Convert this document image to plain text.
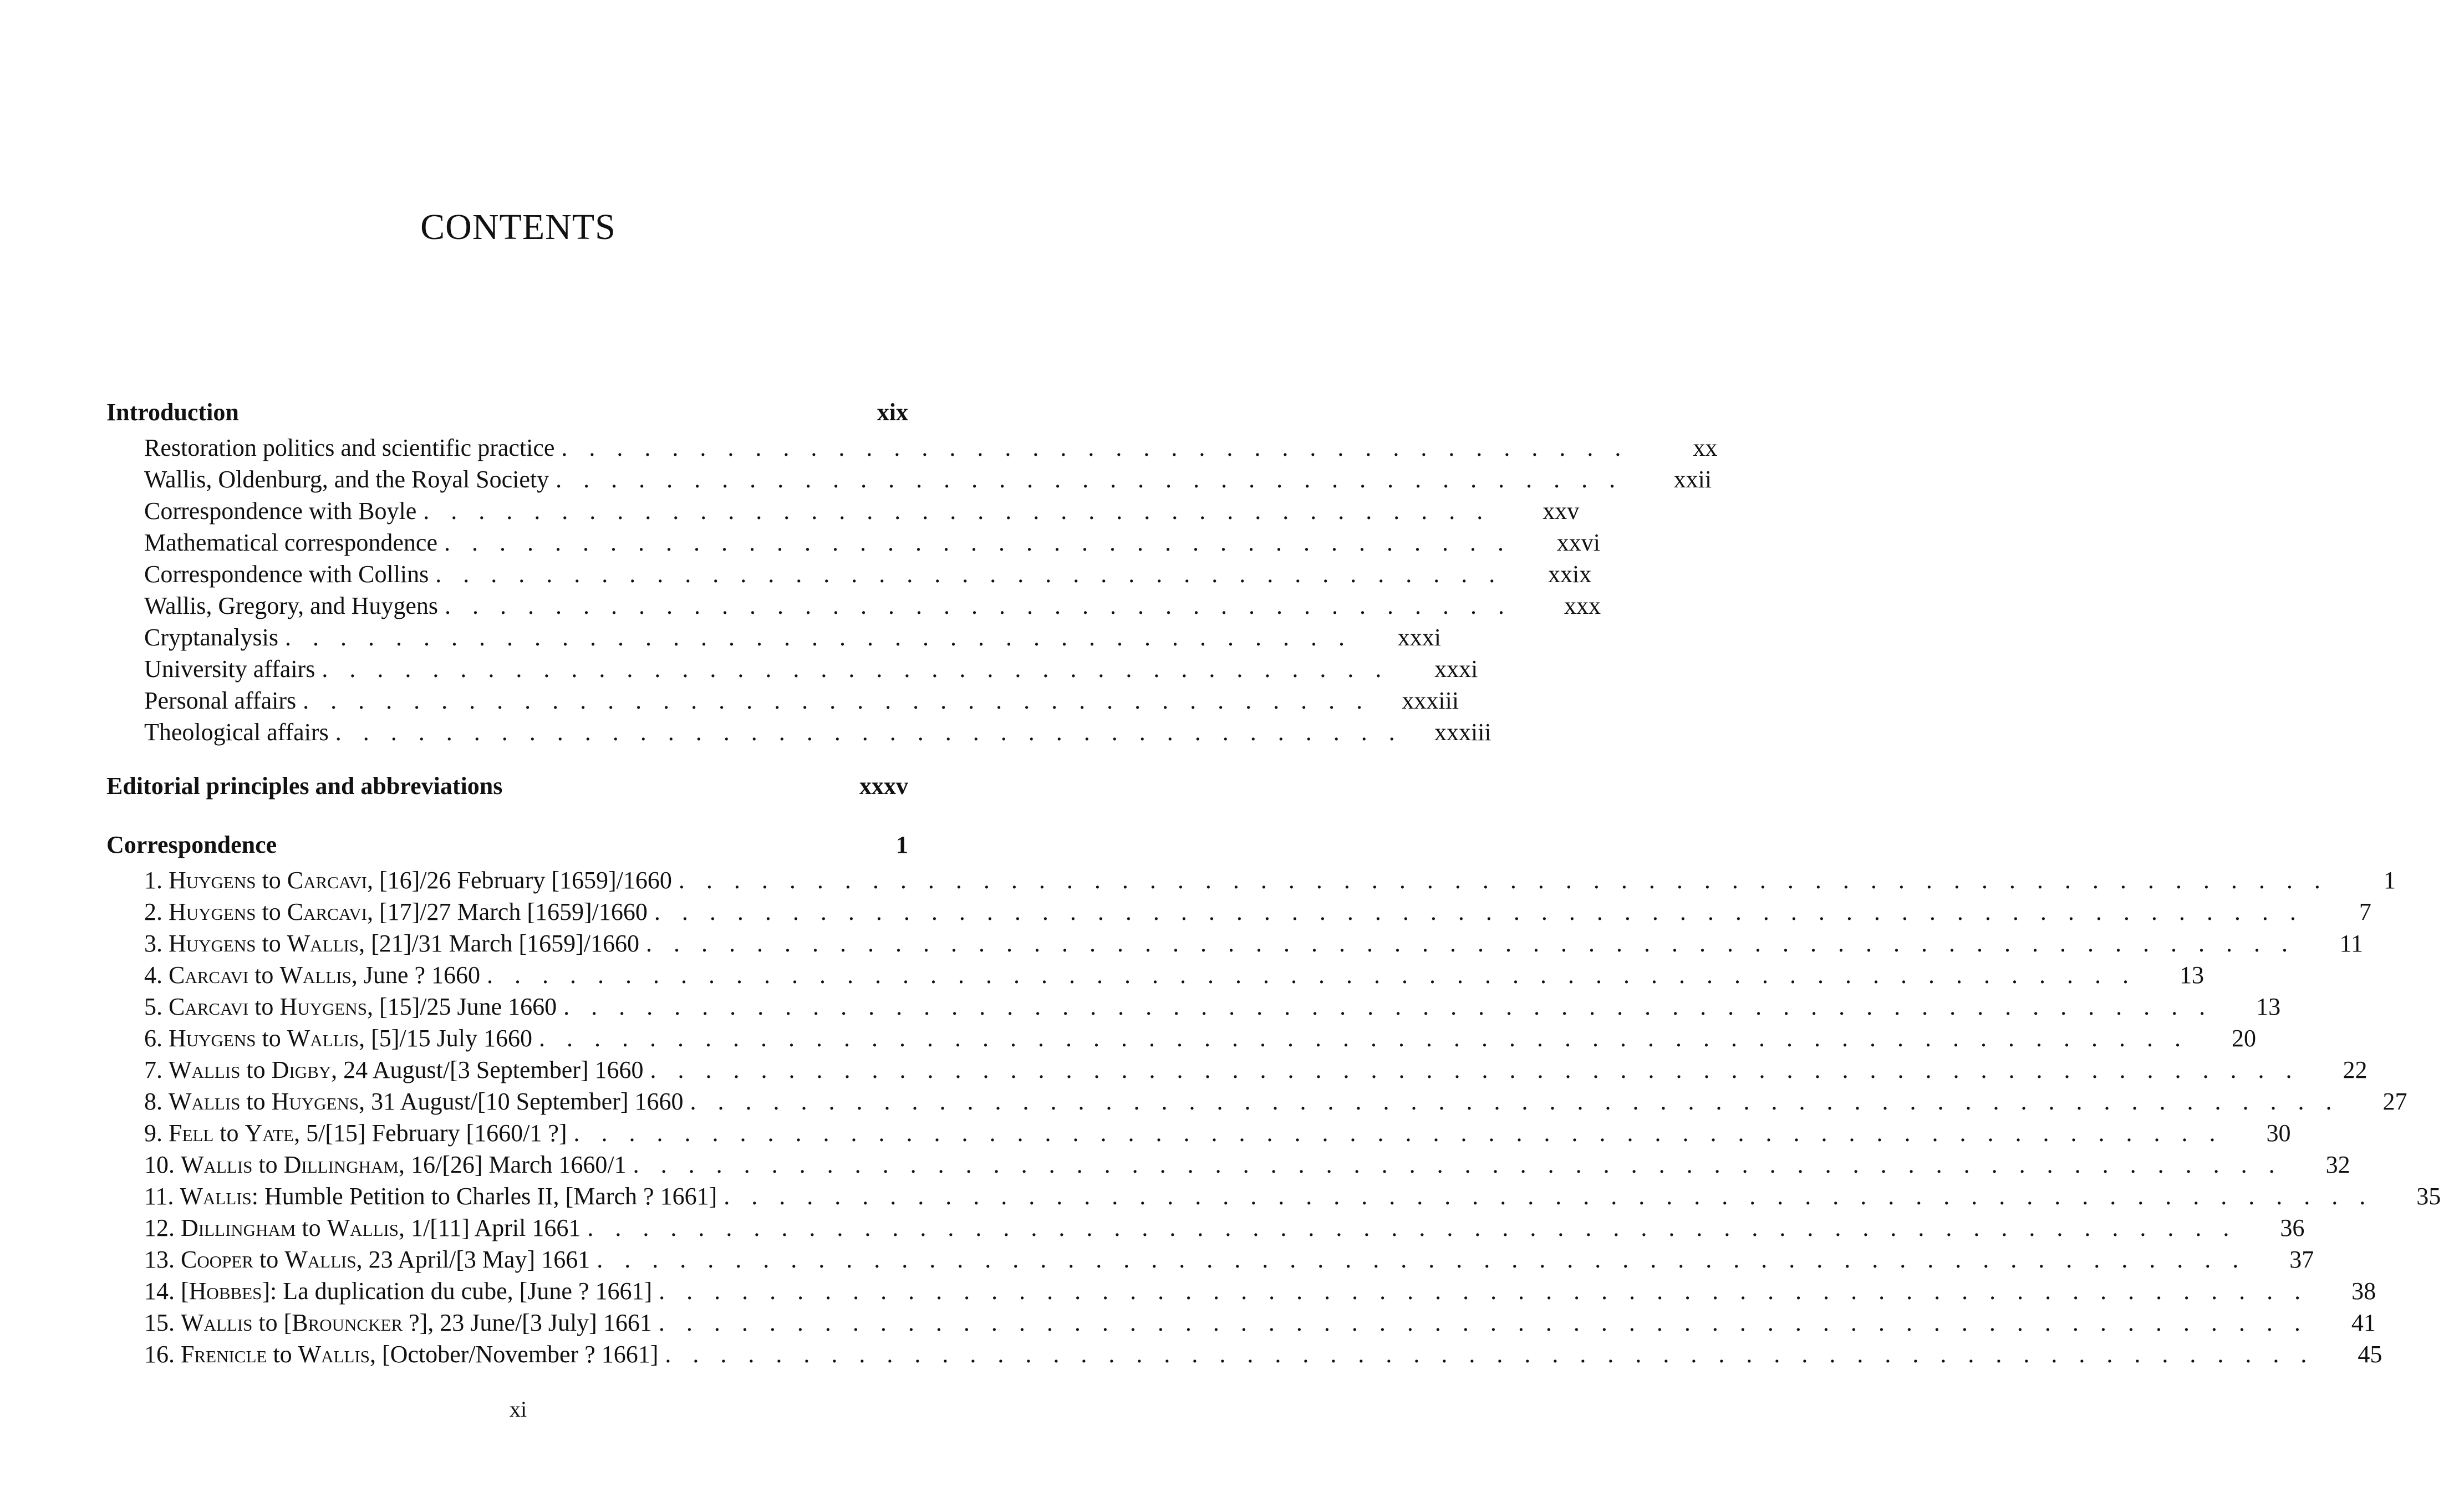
CONTENTS
Introduction	xix
Restoration politics and scientific practice . . . . . . . . . . . . . . . . . . . . . . . . . . . . . . . . . . . . . . .	xx
Wallis, Oldenburg, and the Royal Society . . . . . . . . . . . . . . . . . . . . . . . . . . . . . . . . . . . . . . .	xxii
Correspondence with Boyle . . . . . . . . . . . . . . . . . . . . . . . . . . . . . . . . . . . . . . .	xxv
Mathematical correspondence . . . . . . . . . . . . . . . . . . . . . . . . . . . . . . . . . . . . . . .	xxvi
Correspondence with Collins . . . . . . . . . . . . . . . . . . . . . . . . . . . . . . . . . . . . . . .	xxix
Wallis, Gregory, and Huygens . . . . . . . . . . . . . . . . . . . . . . . . . . . . . . . . . . . . . . .	xxx
Cryptanalysis . . . . . . . . . . . . . . . . . . . . . . . . . . . . . . . . . . . . . . .	xxxi
University affairs . . . . . . . . . . . . . . . . . . . . . . . . . . . . . . . . . . . . . . .	xxxi
Personal affairs . . . . . . . . . . . . . . . . . . . . . . . . . . . . . . . . . . . . . . .	xxxiii
Theological affairs . . . . . . . . . . . . . . . . . . . . . . . . . . . . . . . . . . . . . . .	xxxiii
Editorial principles and abbreviations	xxxv
Correspondence	1
1. Huygens to Carcavi, [16]/26 February [1659]/1660 . . . . . . . . . . . . . . . . . . . . . . . . . . . . . . . . . . . . . . . . . . . . . . . . . . . . . . . . . . . .	1
2. Huygens to Carcavi, [17]/27 March [1659]/1660 . . . . . . . . . . . . . . . . . . . . . . . . . . . . . . . . . . . . . . . . . . . . . . . . . . . . . . . . . . . .	7
3. Huygens to Wallis, [21]/31 March [1659]/1660 . . . . . . . . . . . . . . . . . . . . . . . . . . . . . . . . . . . . . . . . . . . . . . . . . . . . . . . . . . . .	11
4. Carcavi to Wallis, June ? 1660 . . . . . . . . . . . . . . . . . . . . . . . . . . . . . . . . . . . . . . . . . . . . . . . . . . . . . . . . . . . .	13
5. Carcavi to Huygens, [15]/25 June 1660 . . . . . . . . . . . . . . . . . . . . . . . . . . . . . . . . . . . . . . . . . . . . . . . . . . . . . . . . . . . .	13
6. Huygens to Wallis, [5]/15 July 1660 . . . . . . . . . . . . . . . . . . . . . . . . . . . . . . . . . . . . . . . . . . . . . . . . . . . . . . . . . . . .	20
7. Wallis to Digby, 24 August/[3 September] 1660 . . . . . . . . . . . . . . . . . . . . . . . . . . . . . . . . . . . . . . . . . . . . . . . . . . . . . . . . . . . .	22
8. Wallis to Huygens, 31 August/[10 September] 1660 . . . . . . . . . . . . . . . . . . . . . . . . . . . . . . . . . . . . . . . . . . . . . . . . . . . . . . . . . . . .	27
9. Fell to Yate, 5/[15] February [1660/1 ?] . . . . . . . . . . . . . . . . . . . . . . . . . . . . . . . . . . . . . . . . . . . . . . . . . . . . . . . . . . . .	30
10. Wallis to Dillingham, 16/[26] March 1660/1 . . . . . . . . . . . . . . . . . . . . . . . . . . . . . . . . . . . . . . . . . . . . . . . . . . . . . . . . . . . .	32
11. Wallis: Humble Petition to Charles II, [March ? 1661] . . . . . . . . . . . . . . . . . . . . . . . . . . . . . . . . . . . . . . . . . . . . . . . . . . . . . . . . . . . .	35
12. Dillingham to Wallis, 1/[11] April 1661 . . . . . . . . . . . . . . . . . . . . . . . . . . . . . . . . . . . . . . . . . . . . . . . . . . . . . . . . . . . .	36
13. Cooper to Wallis, 23 April/[3 May] 1661 . . . . . . . . . . . . . . . . . . . . . . . . . . . . . . . . . . . . . . . . . . . . . . . . . . . . . . . . . . . .	37
14. [Hobbes]: La duplication du cube, [June ? 1661] . . . . . . . . . . . . . . . . . . . . . . . . . . . . . . . . . . . . . . . . . . . . . . . . . . . . . . . . . . . .	38
15. Wallis to [Brouncker ?], 23 June/[3 July] 1661 . . . . . . . . . . . . . . . . . . . . . . . . . . . . . . . . . . . . . . . . . . . . . . . . . . . . . . . . . . . .	41
16. Frenicle to Wallis, [October/November ? 1661] . . . . . . . . . . . . . . . . . . . . . . . . . . . . . . . . . . . . . . . . . . . . . . . . . . . . . . . . . . . .	45
xi
